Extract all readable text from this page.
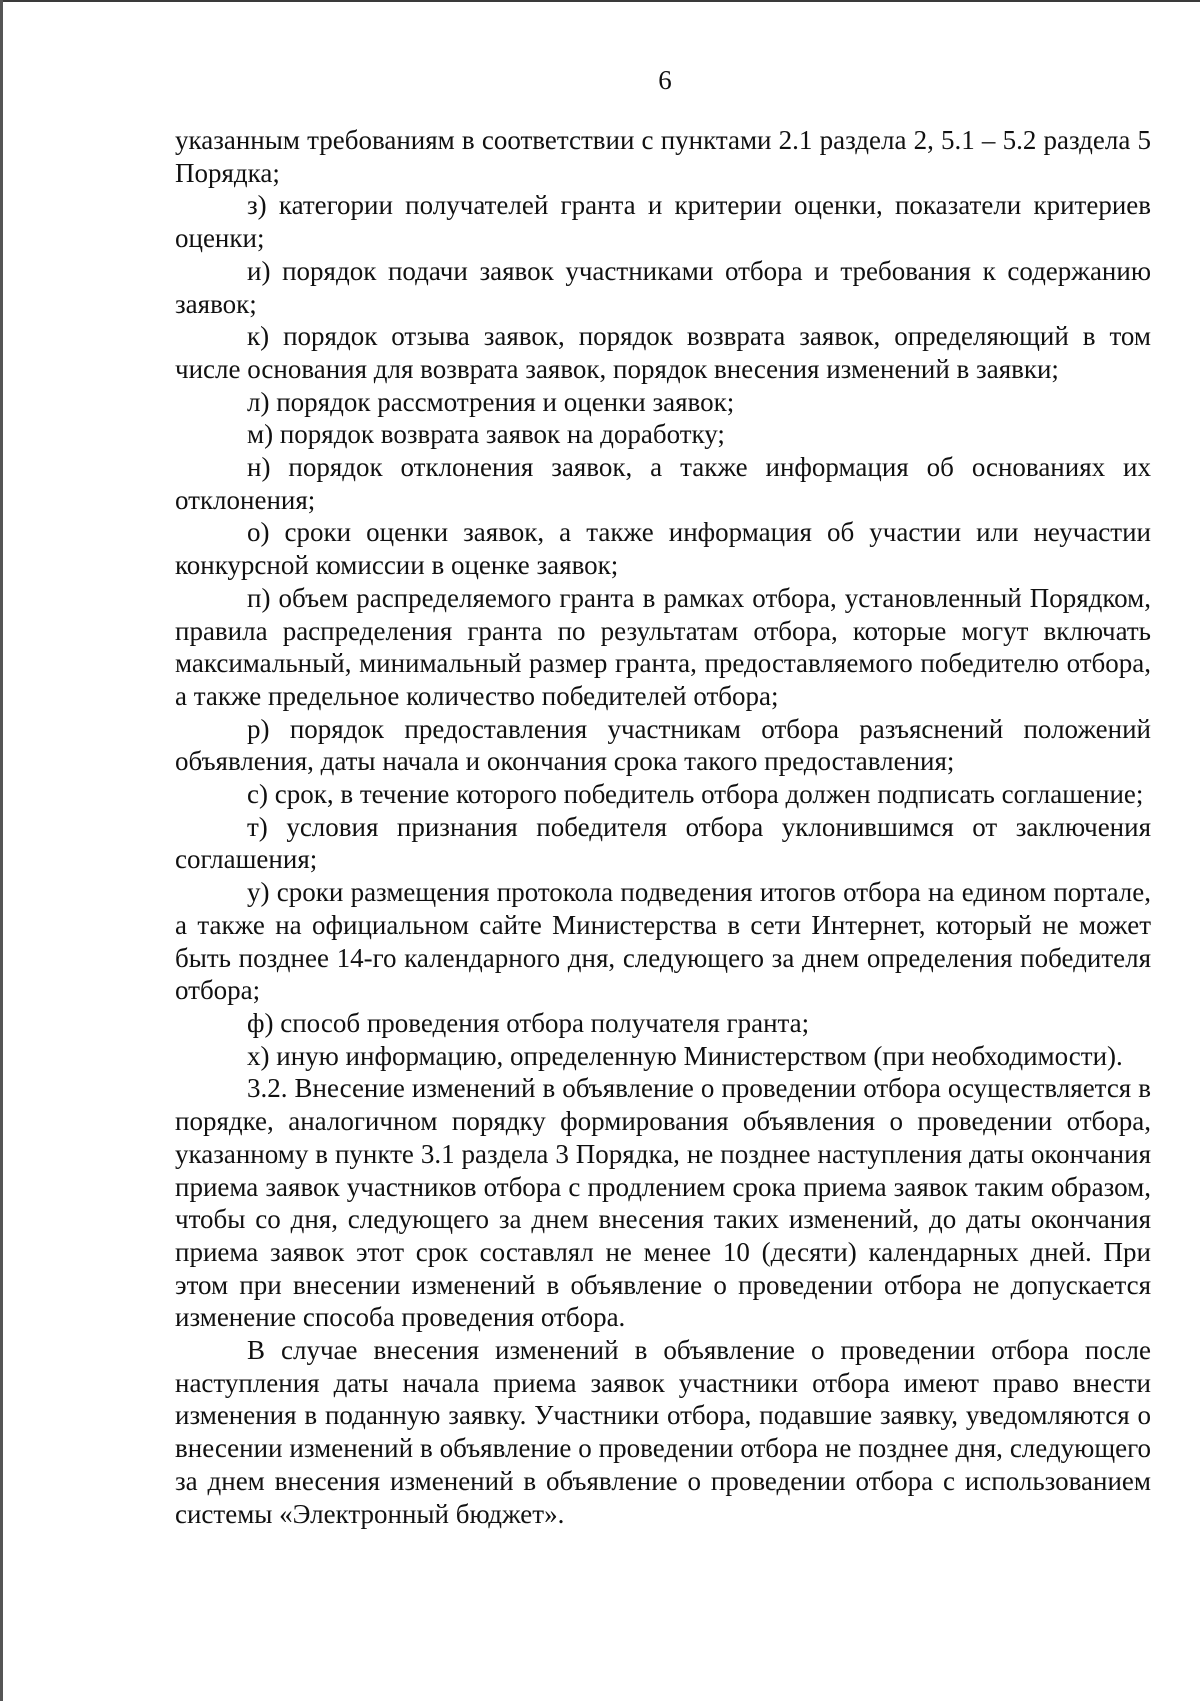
6

указанным требованиям в соответствии с пунктами 2.1 раздела 2, 5.1 – 5.2 раздела 5 Порядка;

з) категории получателей гранта и критерии оценки, показатели критериев оценки;

и) порядок подачи заявок участниками отбора и требования к содержанию заявок;

к) порядок отзыва заявок, порядок возврата заявок, определяющий в том числе основания для возврата заявок, порядок внесения изменений в заявки;

л) порядок рассмотрения и оценки заявок;

м) порядок возврата заявок на доработку;

н) порядок отклонения заявок, а также информация об основаниях их отклонения;

о) сроки оценки заявок, а также информация об участии или неучастии конкурсной комиссии в оценке заявок;

п) объем распределяемого гранта в рамках отбора, установленный Порядком, правила распределения гранта по результатам отбора, которые могут включать максимальный, минимальный размер гранта, предоставляемого победителю отбора, а также предельное количество победителей отбора;

р) порядок предоставления участникам отбора разъяснений положений объявления, даты начала и окончания срока такого предоставления;

с) срок, в течение которого победитель отбора должен подписать соглашение;

т) условия признания победителя отбора уклонившимся от заключения соглашения;

у) сроки размещения протокола подведения итогов отбора на едином портале, а также на официальном сайте Министерства в сети Интернет, который не может быть позднее 14-го календарного дня, следующего за днем определения победителя отбора;

ф) способ проведения отбора получателя гранта;

х) иную информацию, определенную Министерством (при необходимости).

3.2. Внесение изменений в объявление о проведении отбора осуществляется в порядке, аналогичном порядку формирования объявления о проведении отбора, указанному в пункте 3.1 раздела 3 Порядка, не позднее наступления даты окончания приема заявок участников отбора с продлением срока приема заявок таким образом, чтобы со дня, следующего за днем внесения таких изменений, до даты окончания приема заявок этот срок составлял не менее 10 (десяти) календарных дней. При этом при внесении изменений в объявление о проведении отбора не допускается изменение способа проведения отбора.

В случае внесения изменений в объявление о проведении отбора после наступления даты начала приема заявок участники отбора имеют право внести изменения в поданную заявку. Участники отбора, подавшие заявку, уведомляются о внесении изменений в объявление о проведении отбора не позднее дня, следующего за днем внесения изменений в объявление о проведении отбора с использованием системы «Электронный бюджет».
